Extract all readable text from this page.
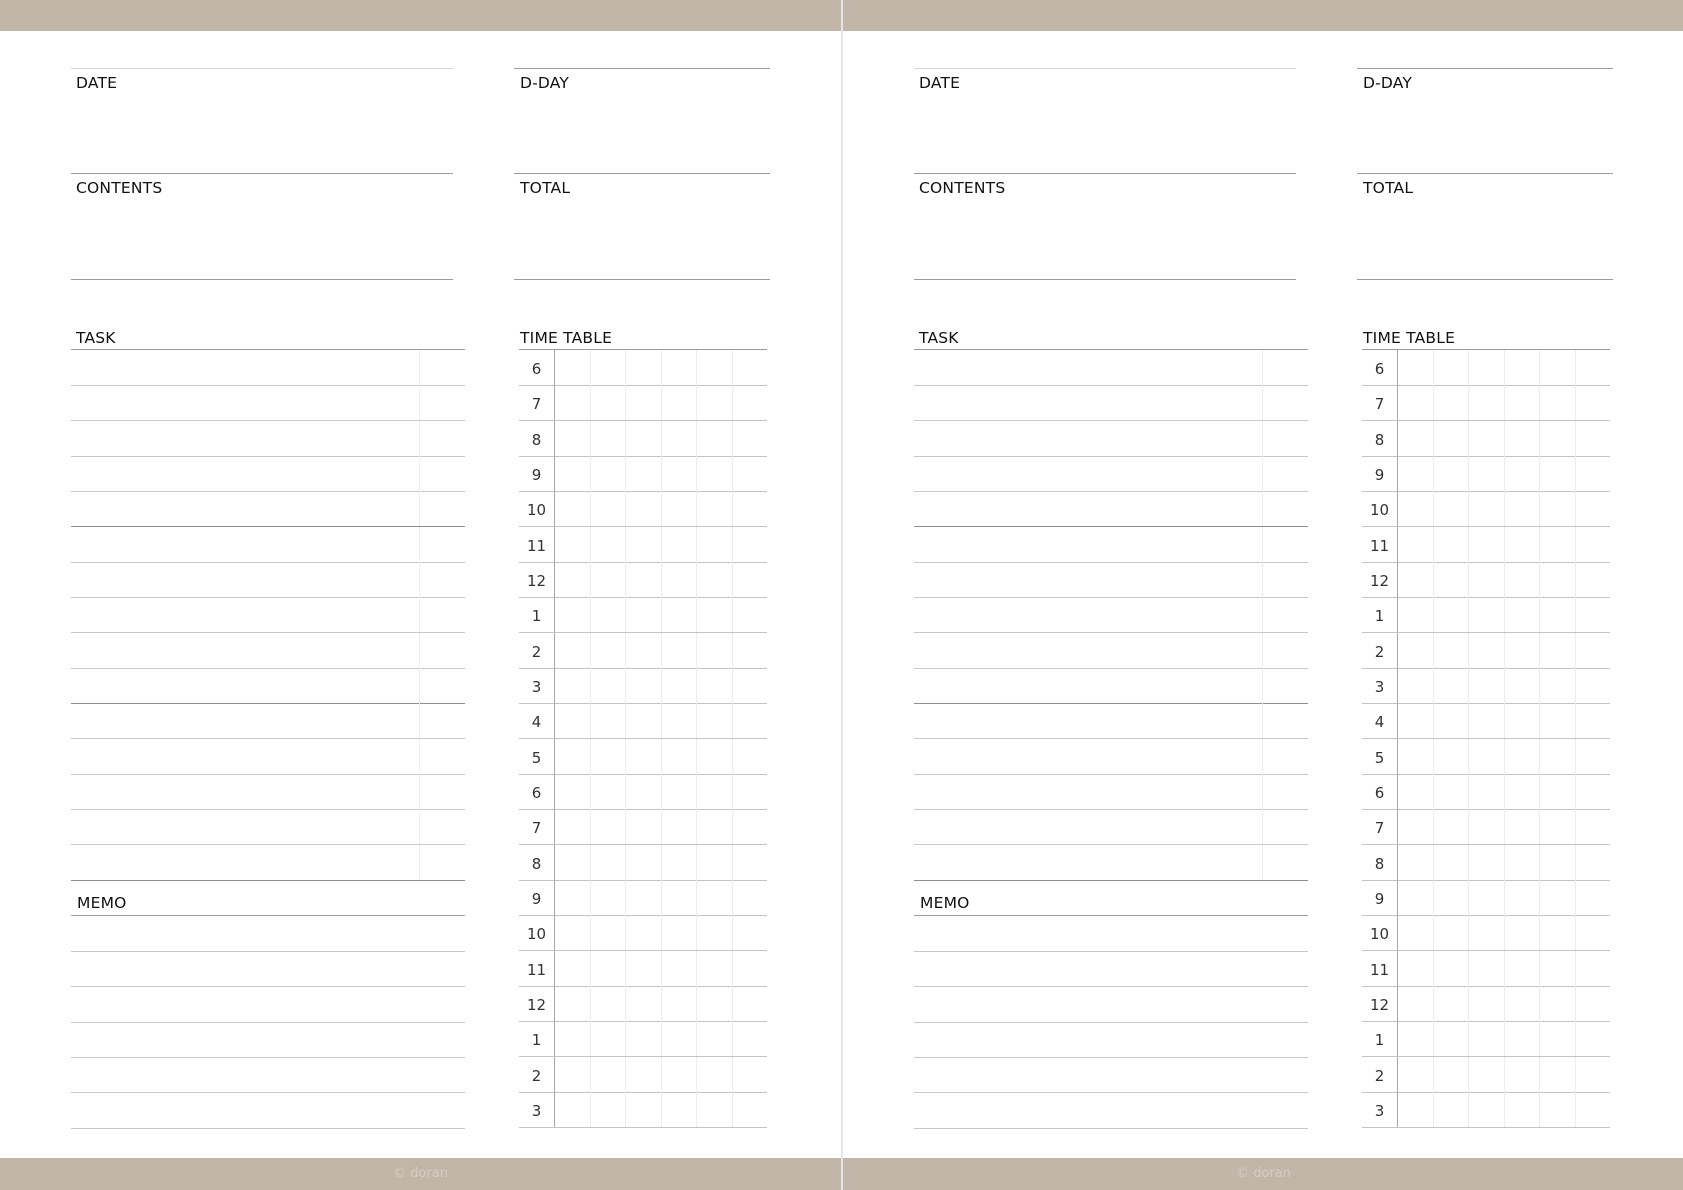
DATE	D-DAY
CONTENTS	TOTAL
TASK	TIME TABLE
6
7
8
9
10
11
12
1
2
3
4
5
6
7
8
9
10
11
12
1
2
3
MEMO
© doran
DATE	D-DAY
CONTENTS	TOTAL
TASK	TIME TABLE
6
7
8
9
10
11
12
1
2
3
4
5
6
7
8
9
10
11
12
1
2
3
MEMO
© doran
